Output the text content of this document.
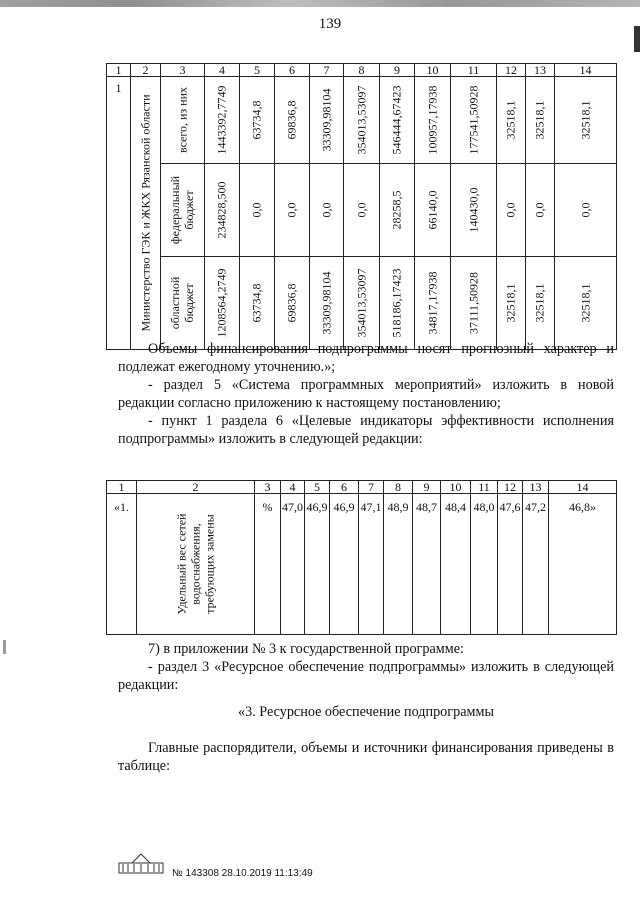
139
1	2	3	4	5	6	7	8	9	10	11	12	13	14
1	Министерство ГЭК и ЖКХ Рязанской области	всего, из них	1443392,7749	63734,8	69836,8	33309,98104	354013,53097	546444,67423	100957,17938	177541,50928	32518,1	32518,1	32518,1

		федеральный бюджет	234828,500	0,0	0,0	0,0	0,0	28258,5	66140,0	140430,0	0,0	0,0	0,0

		областной бюджет	1208564,2749	63734,8	69836,8	33309,98104	354013,53097	518186,17423	34817,17938	37111,50928	32518,1	32518,1	32518,1

Объемы финансирования подпрограммы носят прогнозный характер и подлежат ежегодному уточнению.»;

- раздел 5 «Система программных мероприятий» изложить в новой редакции согласно приложению к настоящему постановлению;

- пункт 1 раздела 6 «Целевые индикаторы эффективности исполнения подпрограммы» изложить в следующей редакции:

1	2	3	4	5	6	7	8	9	10	11	12	13	14
«1.	Удельный вес сетей водоснабжения, требующих замены	%	47,0	46,9	46,9	47,1	48,9	48,7	48,4	48,0	47,6	47,2	46,8»

7) в приложении № 3 к государственной программе:

- раздел 3 «Ресурсное обеспечение подпрограммы» изложить в следующей редакции:

«3. Ресурсное обеспечение подпрограммы

Главные распорядители, объемы и источники финансирования приведены в таблице:

№ 143308 28.10.2019 11:13:49
